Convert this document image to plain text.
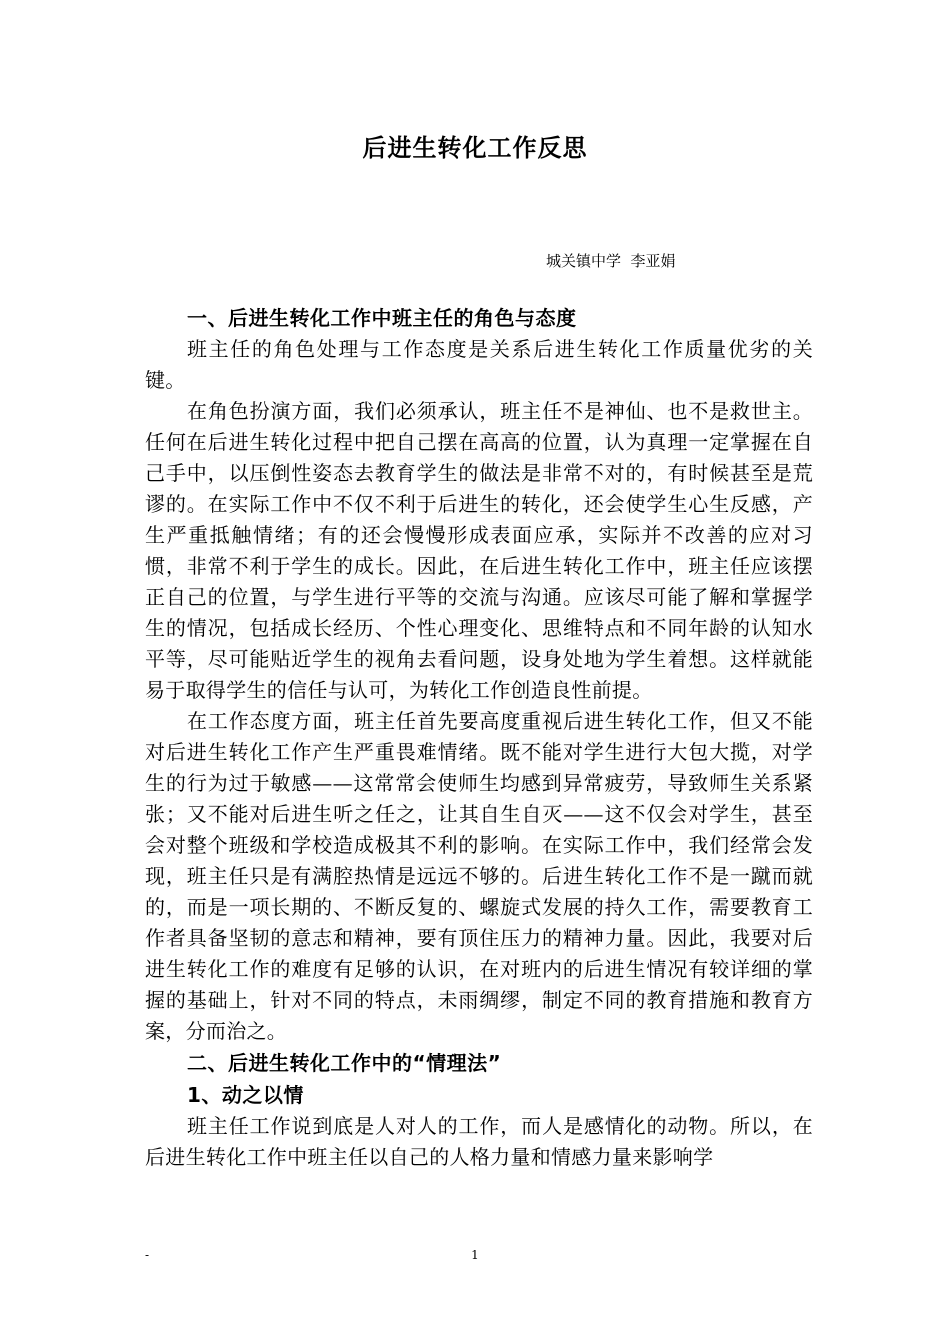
后进生转化工作反思
城关镇中学  李亚娟

一、后进生转化工作中班主任的角色与态度

班主任的角色处理与工作态度是关系后进生转化工作质量优劣的关键。

在角色扮演方面，我们必须承认，班主任不是神仙、也不是救世主。任何在后进生转化过程中把自己摆在高高的位置，认为真理一定掌握在自己手中，以压倒性姿态去教育学生的做法是非常不对的，有时候甚至是荒谬的。在实际工作中不仅不利于后进生的转化，还会使学生心生反感，产生严重抵触情绪；有的还会慢慢形成表面应承，实际并不改善的应对习惯，非常不利于学生的成长。因此，在后进生转化工作中，班主任应该摆正自己的位置，与学生进行平等的交流与沟通。应该尽可能了解和掌握学生的情况，包括成长经历、个性心理变化、思维特点和不同年龄的认知水平等，尽可能贴近学生的视角去看问题，设身处地为学生着想。这样就能易于取得学生的信任与认可，为转化工作创造良性前提。

在工作态度方面，班主任首先要高度重视后进生转化工作，但又不能对后进生转化工作产生严重畏难情绪。既不能对学生进行大包大揽，对学生的行为过于敏感——这常常会使师生均感到异常疲劳，导致师生关系紧张；又不能对后进生听之任之，让其自生自灭——这不仅会对学生，甚至会对整个班级和学校造成极其不利的影响。在实际工作中，我们经常会发现，班主任只是有满腔热情是远远不够的。后进生转化工作不是一蹴而就的，而是一项长期的、不断反复的、螺旋式发展的持久工作，需要教育工作者具备坚韧的意志和精神，要有顶住压力的精神力量。因此，我要对后进生转化工作的难度有足够的认识，在对班内的后进生情况有较详细的掌握的基础上，针对不同的特点，未雨绸缪，制定不同的教育措施和教育方案，分而治之。

二、后进生转化工作中的“情理法”

1、动之以情

班主任工作说到底是人对人的工作，而人是感情化的动物。所以，在后进生转化工作中班主任以自己的人格力量和情感力量来影响学

-	1
